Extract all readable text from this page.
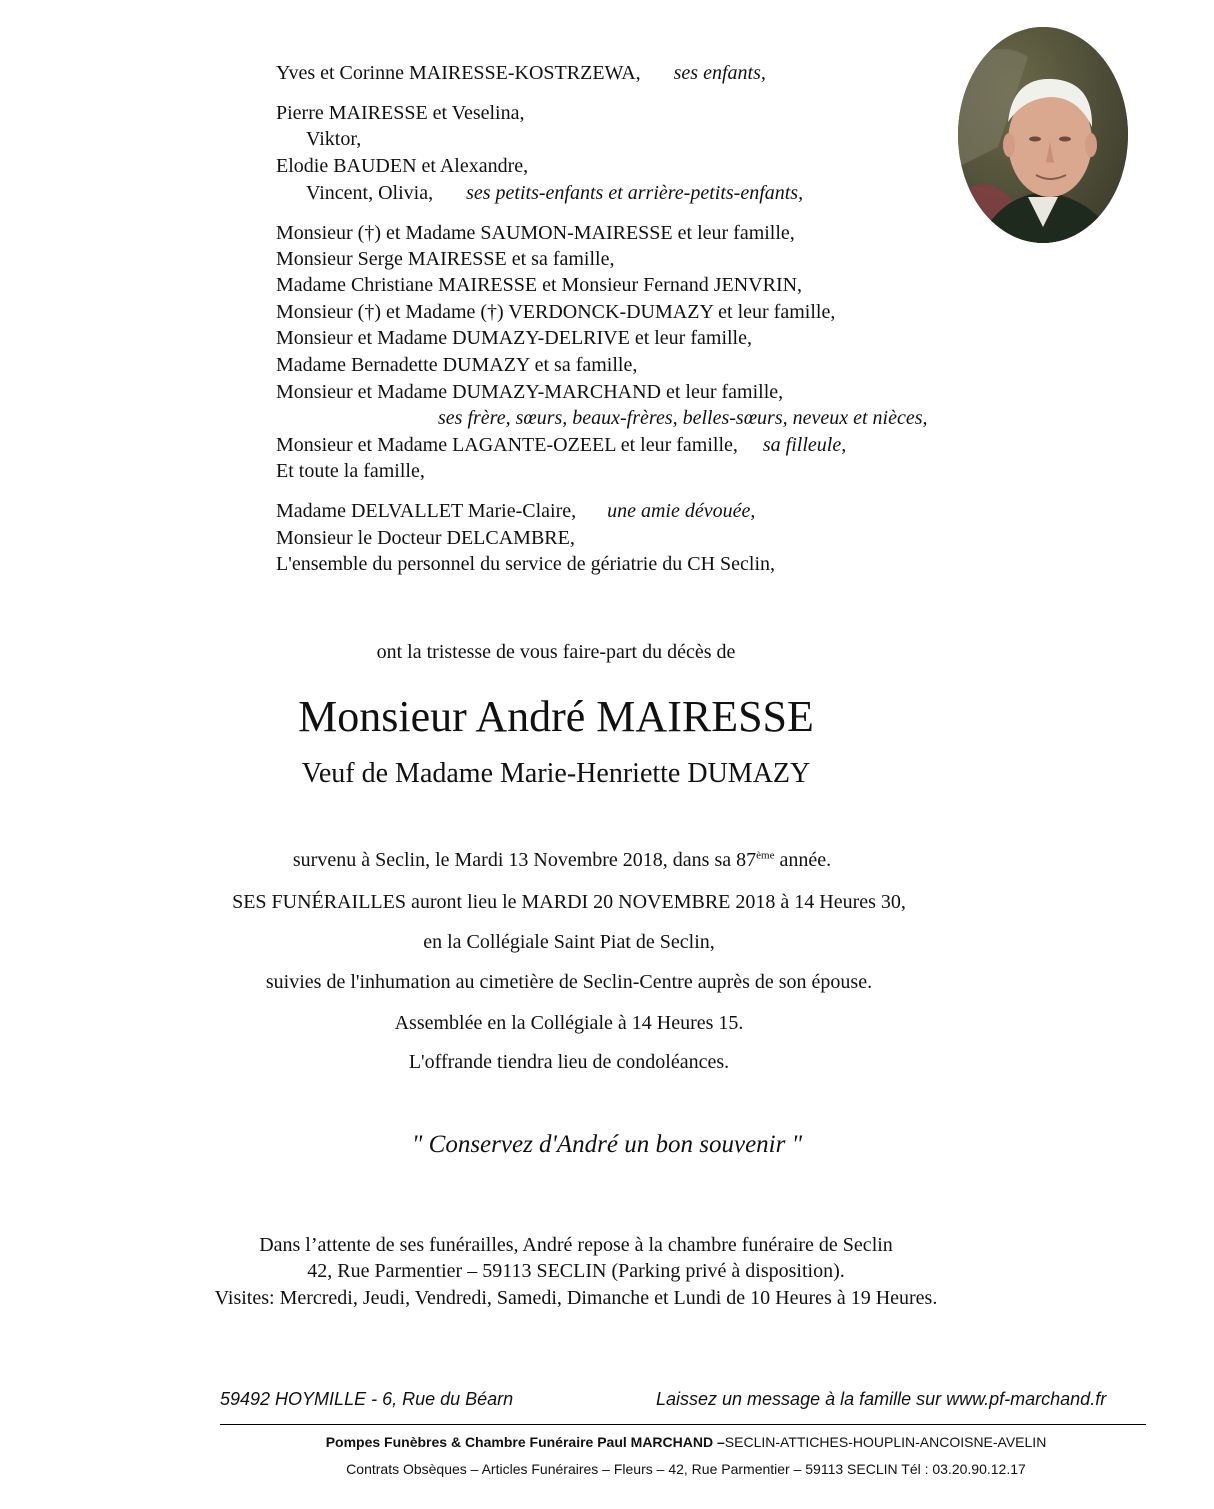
Yves et Corinne MAIRESSE-KOSTRZEWA, ses enfants,
Pierre MAIRESSE et Veselina,
Viktor,
Elodie BAUDEN et Alexandre,
Vincent, Olivia, ses petits-enfants et arrière-petits-enfants,
Monsieur (†) et Madame SAUMON-MAIRESSE et leur famille,
Monsieur Serge MAIRESSE et sa famille,
Madame Christiane MAIRESSE et Monsieur Fernand JENVRIN,
Monsieur (†) et Madame (†) VERDONCK-DUMAZY et leur famille,
Monsieur et Madame DUMAZY-DELRIVE et leur famille,
Madame Bernadette DUMAZY et sa famille,
Monsieur et Madame DUMAZY-MARCHAND et leur famille,
ses frère, sœurs, beaux-frères, belles-sœurs, neveux et nièces,
Monsieur et Madame LAGANTE-OZEEL et leur famille, sa filleule,
Et toute la famille,
Madame DELVALLET Marie-Claire, une amie dévouée,
Monsieur le Docteur DELCAMBRE,
L'ensemble du personnel du service de gériatrie du CH Seclin,
ont la tristesse de vous faire-part du décès de
Monsieur André MAIRESSE
Veuf de Madame Marie-Henriette DUMAZY
survenu à Seclin, le Mardi 13 Novembre 2018, dans sa 87ème année.
SES FUNÉRAILLES auront lieu le MARDI 20 NOVEMBRE 2018 à 14 Heures 30,
en la Collégiale Saint Piat de Seclin,
suivies de l'inhumation au cimetière de Seclin-Centre auprès de son épouse.
Assemblée en la Collégiale à 14 Heures 15.
L'offrande tiendra lieu de condoléances.
" Conservez d'André un bon souvenir "
Dans l’attente de ses funérailles, André repose à la chambre funéraire de Seclin
42, Rue Parmentier – 59113 SECLIN (Parking privé à disposition).
Visites: Mercredi, Jeudi, Vendredi, Samedi, Dimanche et Lundi de 10 Heures à 19 Heures.
59492 HOYMILLE - 6, Rue du Béarn	Laissez un message à la famille sur www.pf-marchand.fr
Pompes Funèbres & Chambre Funéraire Paul MARCHAND –SECLIN-ATTICHES-HOUPLIN-ANCOISNE-AVELIN
Contrats Obsèques – Articles Funéraires – Fleurs – 42, Rue Parmentier – 59113 SECLIN Tél : 03.20.90.12.17
